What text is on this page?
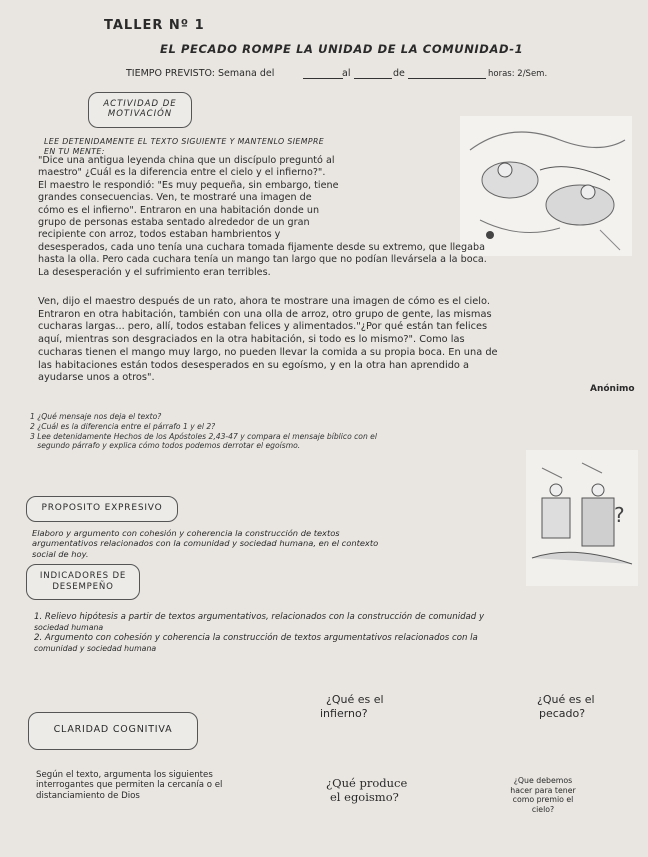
TALLER Nº 1
EL PECADO ROMPE LA UNIDAD DE LA COMUNIDAD-1
TIEMPO PREVISTO: Semana del	al	de	horas: 2/Sem.
ACTIVIDAD DE
MOTIVACIÓN
LEE DETENIDAMENTE EL TEXTO SIGUIENTE Y MANTENLO SIEMPRE
EN TU MENTE:
"Dice una antigua leyenda china que un discípulo preguntó al
maestro" ¿Cuál es la diferencia entre el cielo y el infierno?".
El maestro le respondió: "Es muy pequeña, sin embargo, tiene
grandes consecuencias. Ven, te mostraré una imagen de
cómo es el infierno". Entraron en una habitación donde un
grupo de personas estaba sentado alrededor de un gran
recipiente con arroz, todos estaban hambrientos y
desesperados, cada uno tenía una cuchara tomada fijamente desde su extremo, que llegaba
hasta la olla. Pero cada cuchara tenía un mango tan largo que no podían llevársela a la boca.
La desesperación y el sufrimiento eran terribles.
Ven, dijo el maestro después de un rato, ahora te mostrare una imagen de cómo es el cielo.
Entraron en otra habitación, también con una olla de arroz, otro grupo de gente, las mismas
cucharas largas... pero, allí, todos estaban felices y alimentados."¿Por qué están tan felices
aquí, mientras son desgraciados en la otra habitación, si todo es lo mismo?". Como las
cucharas tienen el mango muy largo, no pueden llevar la comida a su propia boca. En una de
las habitaciones están todos desesperados en su egoísmo, y en la otra han aprendido a
ayudarse unos a otros".
Anónimo
1 ¿Qué mensaje nos deja el texto?
2 ¿Cuál es la diferencia entre el párrafo 1 y el 2?
3 Lee detenidamente Hechos de los Apóstoles 2,43-47 y compara el mensaje bíblico con el
segundo párrafo y explica cómo todos podemos derrotar el egoísmo.
PROPOSITO EXPRESIVO
Elaboro y argumento con cohesión y coherencia la construcción de textos
argumentativos relacionados con la comunidad y sociedad humana, en el contexto
social de hoy.
?
INDICADORES DE
DESEMPEÑO
1. Relievo hipótesis a partir de textos argumentativos, relacionados con la construcción de comunidad y
sociedad humana
2. Argumento con cohesión y coherencia la construcción de textos argumentativos relacionados con la
comunidad y sociedad humana
CLARIDAD COGNITIVA
¿Qué es el
infierno?
¿Qué es el
pecado?
Según el texto, argumenta los siguientes
interrogantes que permiten la cercanía o el
distanciamiento de Dios
¿Qué produce
el egoismo?
¿Que debemos
hacer para tener
como premio el
cielo?
